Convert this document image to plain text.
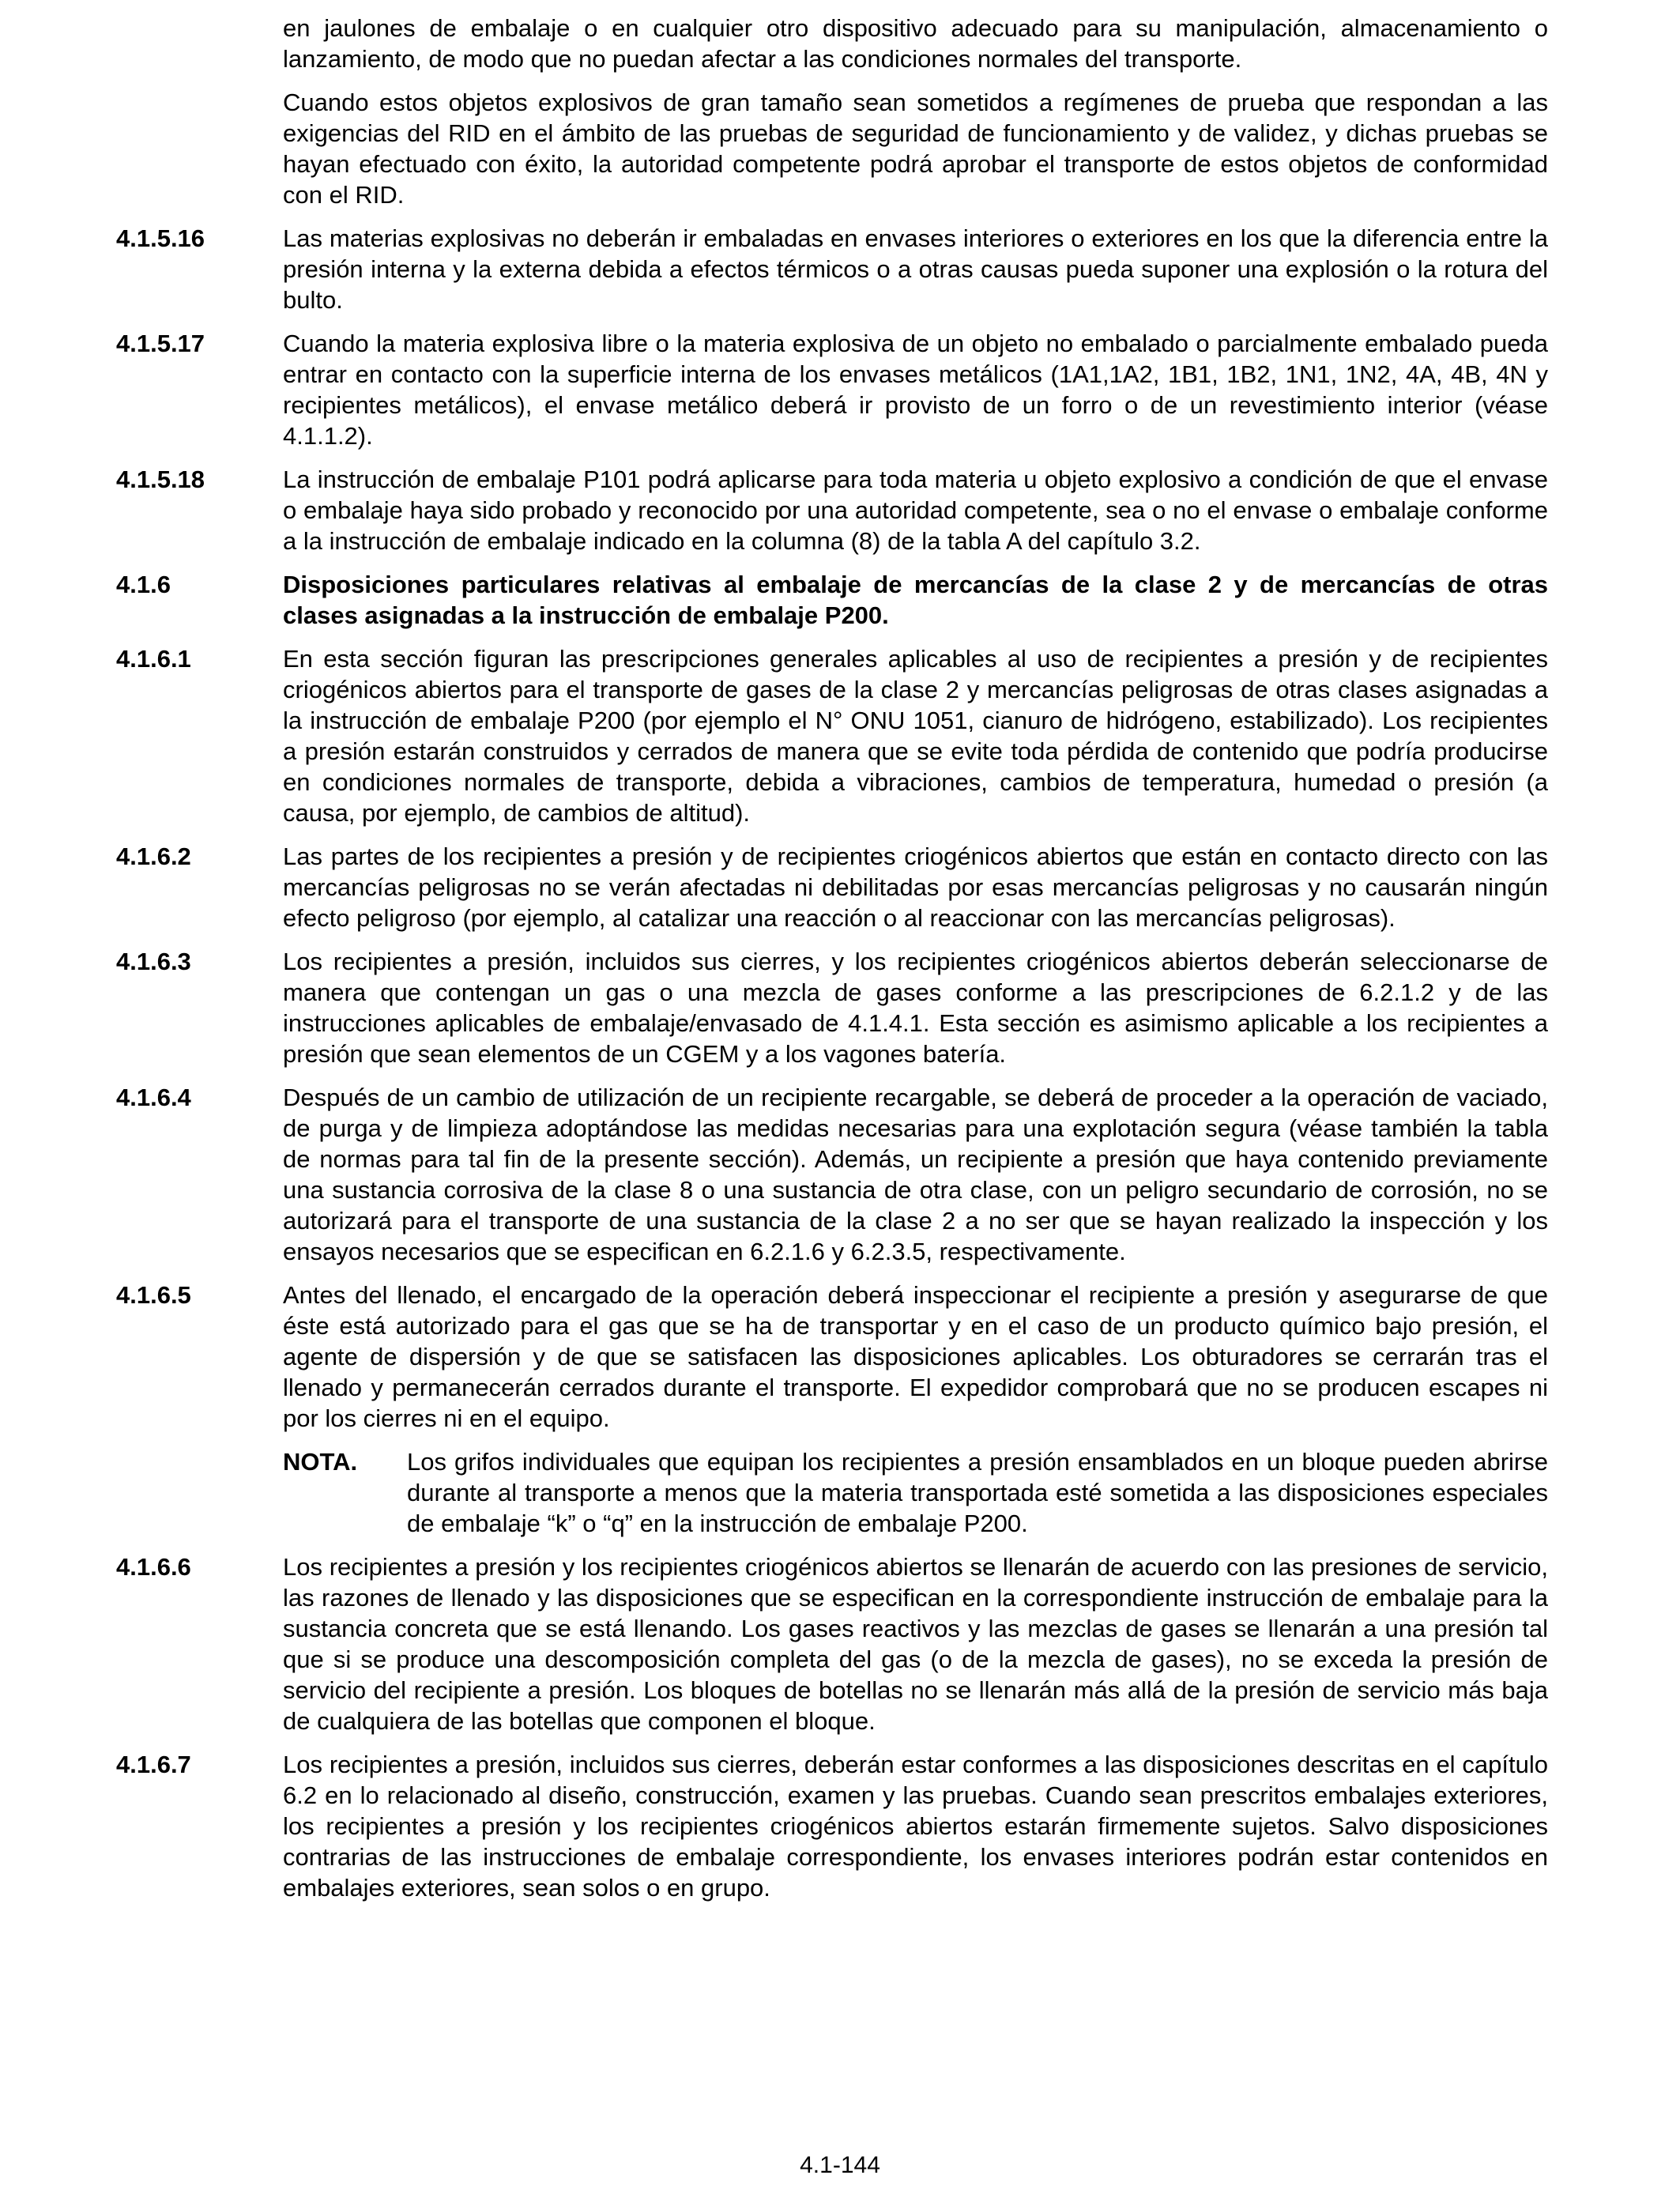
en jaulones de embalaje o en cualquier otro dispositivo adecuado para su manipulación, almacenamiento o lanzamiento, de modo que no puedan afectar a las condiciones normales del transporte.
Cuando estos objetos explosivos de gran tamaño sean sometidos a regímenes de prueba que respondan a las exigencias del RID en el ámbito de las pruebas de seguridad de funcionamiento y de validez, y dichas pruebas se hayan efectuado con éxito, la autoridad competente podrá aprobar el transporte de estos objetos de conformidad con el RID.
4.1.5.16	Las materias explosivas no deberán ir embaladas en envases interiores o exteriores en los que la diferencia entre la presión interna y la externa debida a efectos térmicos o a otras causas pueda suponer una explosión o la rotura del bulto.
4.1.5.17	Cuando la materia explosiva libre o la materia explosiva de un objeto no embalado o parcialmente embalado pueda entrar en contacto con la superficie interna de los envases metálicos (1A1,1A2, 1B1, 1B2, 1N1, 1N2, 4A, 4B, 4N y recipientes metálicos), el envase metálico deberá ir provisto de un forro o de un revestimiento interior (véase 4.1.1.2).
4.1.5.18	La instrucción de embalaje P101 podrá aplicarse para toda materia u objeto explosivo a condición de que el envase o embalaje haya sido probado y reconocido por una autoridad competente, sea o no el envase o embalaje conforme a la instrucción de embalaje indicado en la columna (8) de la tabla A del capítulo 3.2.
4.1.6	Disposiciones particulares relativas al embalaje de mercancías de la clase 2 y de mercancías de otras clases asignadas a la instrucción de embalaje P200.
4.1.6.1	En esta sección figuran las prescripciones generales aplicables al uso de recipientes a presión y de recipientes criogénicos abiertos para el transporte de gases de la clase 2 y mercancías peligrosas de otras clases asignadas a la instrucción de embalaje P200 (por ejemplo el N° ONU 1051, cianuro de hidrógeno, estabilizado). Los recipientes a presión estarán construidos y cerrados de manera que se evite toda pérdida de contenido que podría producirse en condiciones normales de transporte, debida a vibraciones, cambios de temperatura, humedad o presión (a causa, por ejemplo, de cambios de altitud).
4.1.6.2	Las partes de los recipientes a presión y de recipientes criogénicos abiertos que están en contacto directo con las mercancías peligrosas no se verán afectadas ni debilitadas por esas mercancías peligrosas y no causarán ningún efecto peligroso (por ejemplo, al catalizar una reacción o al reaccionar con las mercancías peligrosas).
4.1.6.3	Los recipientes a presión, incluidos sus cierres, y los recipientes criogénicos abiertos deberán seleccionarse de manera que contengan un gas o una mezcla de gases conforme a las prescripciones de 6.2.1.2 y de las instrucciones aplicables de embalaje/envasado de 4.1.4.1. Esta sección es asimismo aplicable a los recipientes a presión que sean elementos de un CGEM y a los vagones batería.
4.1.6.4	Después de un cambio de utilización de un recipiente recargable, se deberá de proceder a la operación de vaciado, de purga y de limpieza adoptándose las medidas necesarias para una explotación segura (véase también la tabla de normas para tal fin de la presente sección). Además, un recipiente a presión que haya contenido previamente una sustancia corrosiva de la clase 8 o una sustancia de otra clase, con un peligro secundario de corrosión, no se autorizará para el transporte de una sustancia de la clase 2 a no ser que se hayan realizado la inspección y los ensayos necesarios que se especifican en 6.2.1.6 y 6.2.3.5, respectivamente.
4.1.6.5	Antes del llenado, el encargado de la operación deberá inspeccionar el recipiente a presión y asegurarse de que éste está autorizado para el gas que se ha de transportar y en el caso de un producto químico bajo presión, el agente de dispersión y de que se satisfacen las disposiciones aplicables. Los obturadores se cerrarán tras el llenado y permanecerán cerrados durante el transporte. El expedidor comprobará que no se producen escapes ni por los cierres ni en el equipo.
NOTA.	Los grifos individuales que equipan los recipientes a presión ensamblados en un bloque pueden abrirse durante al transporte a menos que la materia transportada esté sometida a las disposiciones especiales de embalaje “k” o “q” en la instrucción de embalaje P200.
4.1.6.6	Los recipientes a presión y los recipientes criogénicos abiertos se llenarán de acuerdo con las presiones de servicio, las razones de llenado y las disposiciones que se especifican en la correspondiente instrucción de embalaje para la sustancia concreta que se está llenando. Los gases reactivos y las mezclas de gases se llenarán a una presión tal que si se produce una descomposición completa del gas (o de la mezcla de gases), no se exceda la presión de servicio del recipiente a presión. Los bloques de botellas no se llenarán más allá de la presión de servicio más baja de cualquiera de las botellas que componen el bloque.
4.1.6.7	Los recipientes a presión, incluidos sus cierres, deberán estar conformes a las disposiciones descritas en el capítulo 6.2 en lo relacionado al diseño, construcción, examen y las pruebas. Cuando sean prescritos embalajes exteriores, los recipientes a presión y los recipientes criogénicos abiertos estarán firmemente sujetos. Salvo disposiciones contrarias de las instrucciones de embalaje correspondiente, los envases interiores podrán estar contenidos en embalajes exteriores, sean solos o en grupo.
4.1-144
